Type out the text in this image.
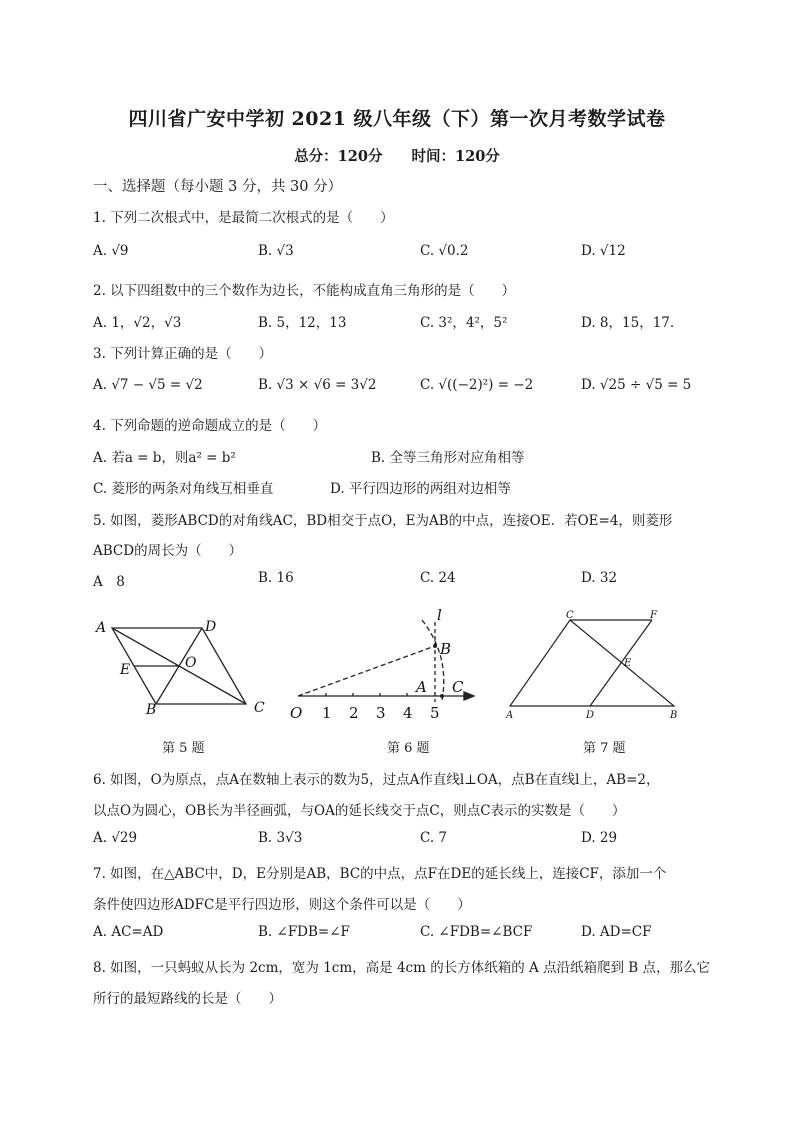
四川省广安中学初 2021 级八年级（下）第一次月考数学试卷
总分：120分 时间：120分
一、选择题（每小题 3 分，共 30 分）
1. 下列二次根式中，是最简二次根式的是（　　）
A. √9	B. √3	C. √0.2	D. √12
2. 以下四组数中的三个数作为边长，不能构成直角三角形的是（　　）
A. 1，√2，√3	B. 5，12，13	C. 3²，4²，5²	D. 8，15，17.
3. 下列计算正确的是（　　）
A. √7 − √5 = √2	B. √3 × √6 = 3√2	C. √((−2)²) = −2	D. √25 ÷ √5 = 5
4. 下列命题的逆命题成立的是（　　）
A. 若a = b，则a² = b²	B. 全等三角形对应角相等
C. 菱形的两条对角线互相垂直	D. 平行四边形的两组对边相等
5. 如图，菱形ABCD的对角线AC，BD相交于点O，E为AB的中点，连接OE．若OE=4，则菱形
ABCD的周长为（　　）
A　8	B. 16	C. 24	D. 32
A	D
E	O
B	C
第 5 题
l
B
A C
O 1 2 3 4 5
第 6 题
C	F
E
A	D	B
第 7 题
6. 如图，O为原点，点A在数轴上表示的数为5，过点A作直线l⊥OA，点B在直线l上，AB=2，
以点O为圆心，OB长为半径画弧，与OA的延长线交于点C，则点C表示的实数是（　　）
A. √29	B. 3√3	C. 7	D. 29
7. 如图，在△ABC中，D，E分别是AB，BC的中点，点F在DE的延长线上，连接CF，添加一个
条件使四边形ADFC是平行四边形，则这个条件可以是（　　）
A. AC=AD	B. ∠FDB=∠F	C. ∠FDB=∠BCF	D. AD=CF
8. 如图，一只蚂蚁从长为 2cm，宽为 1cm，高是 4cm 的长方体纸箱的 A 点沿纸箱爬到 B 点，那么它
所行的最短路线的长是（　　）
